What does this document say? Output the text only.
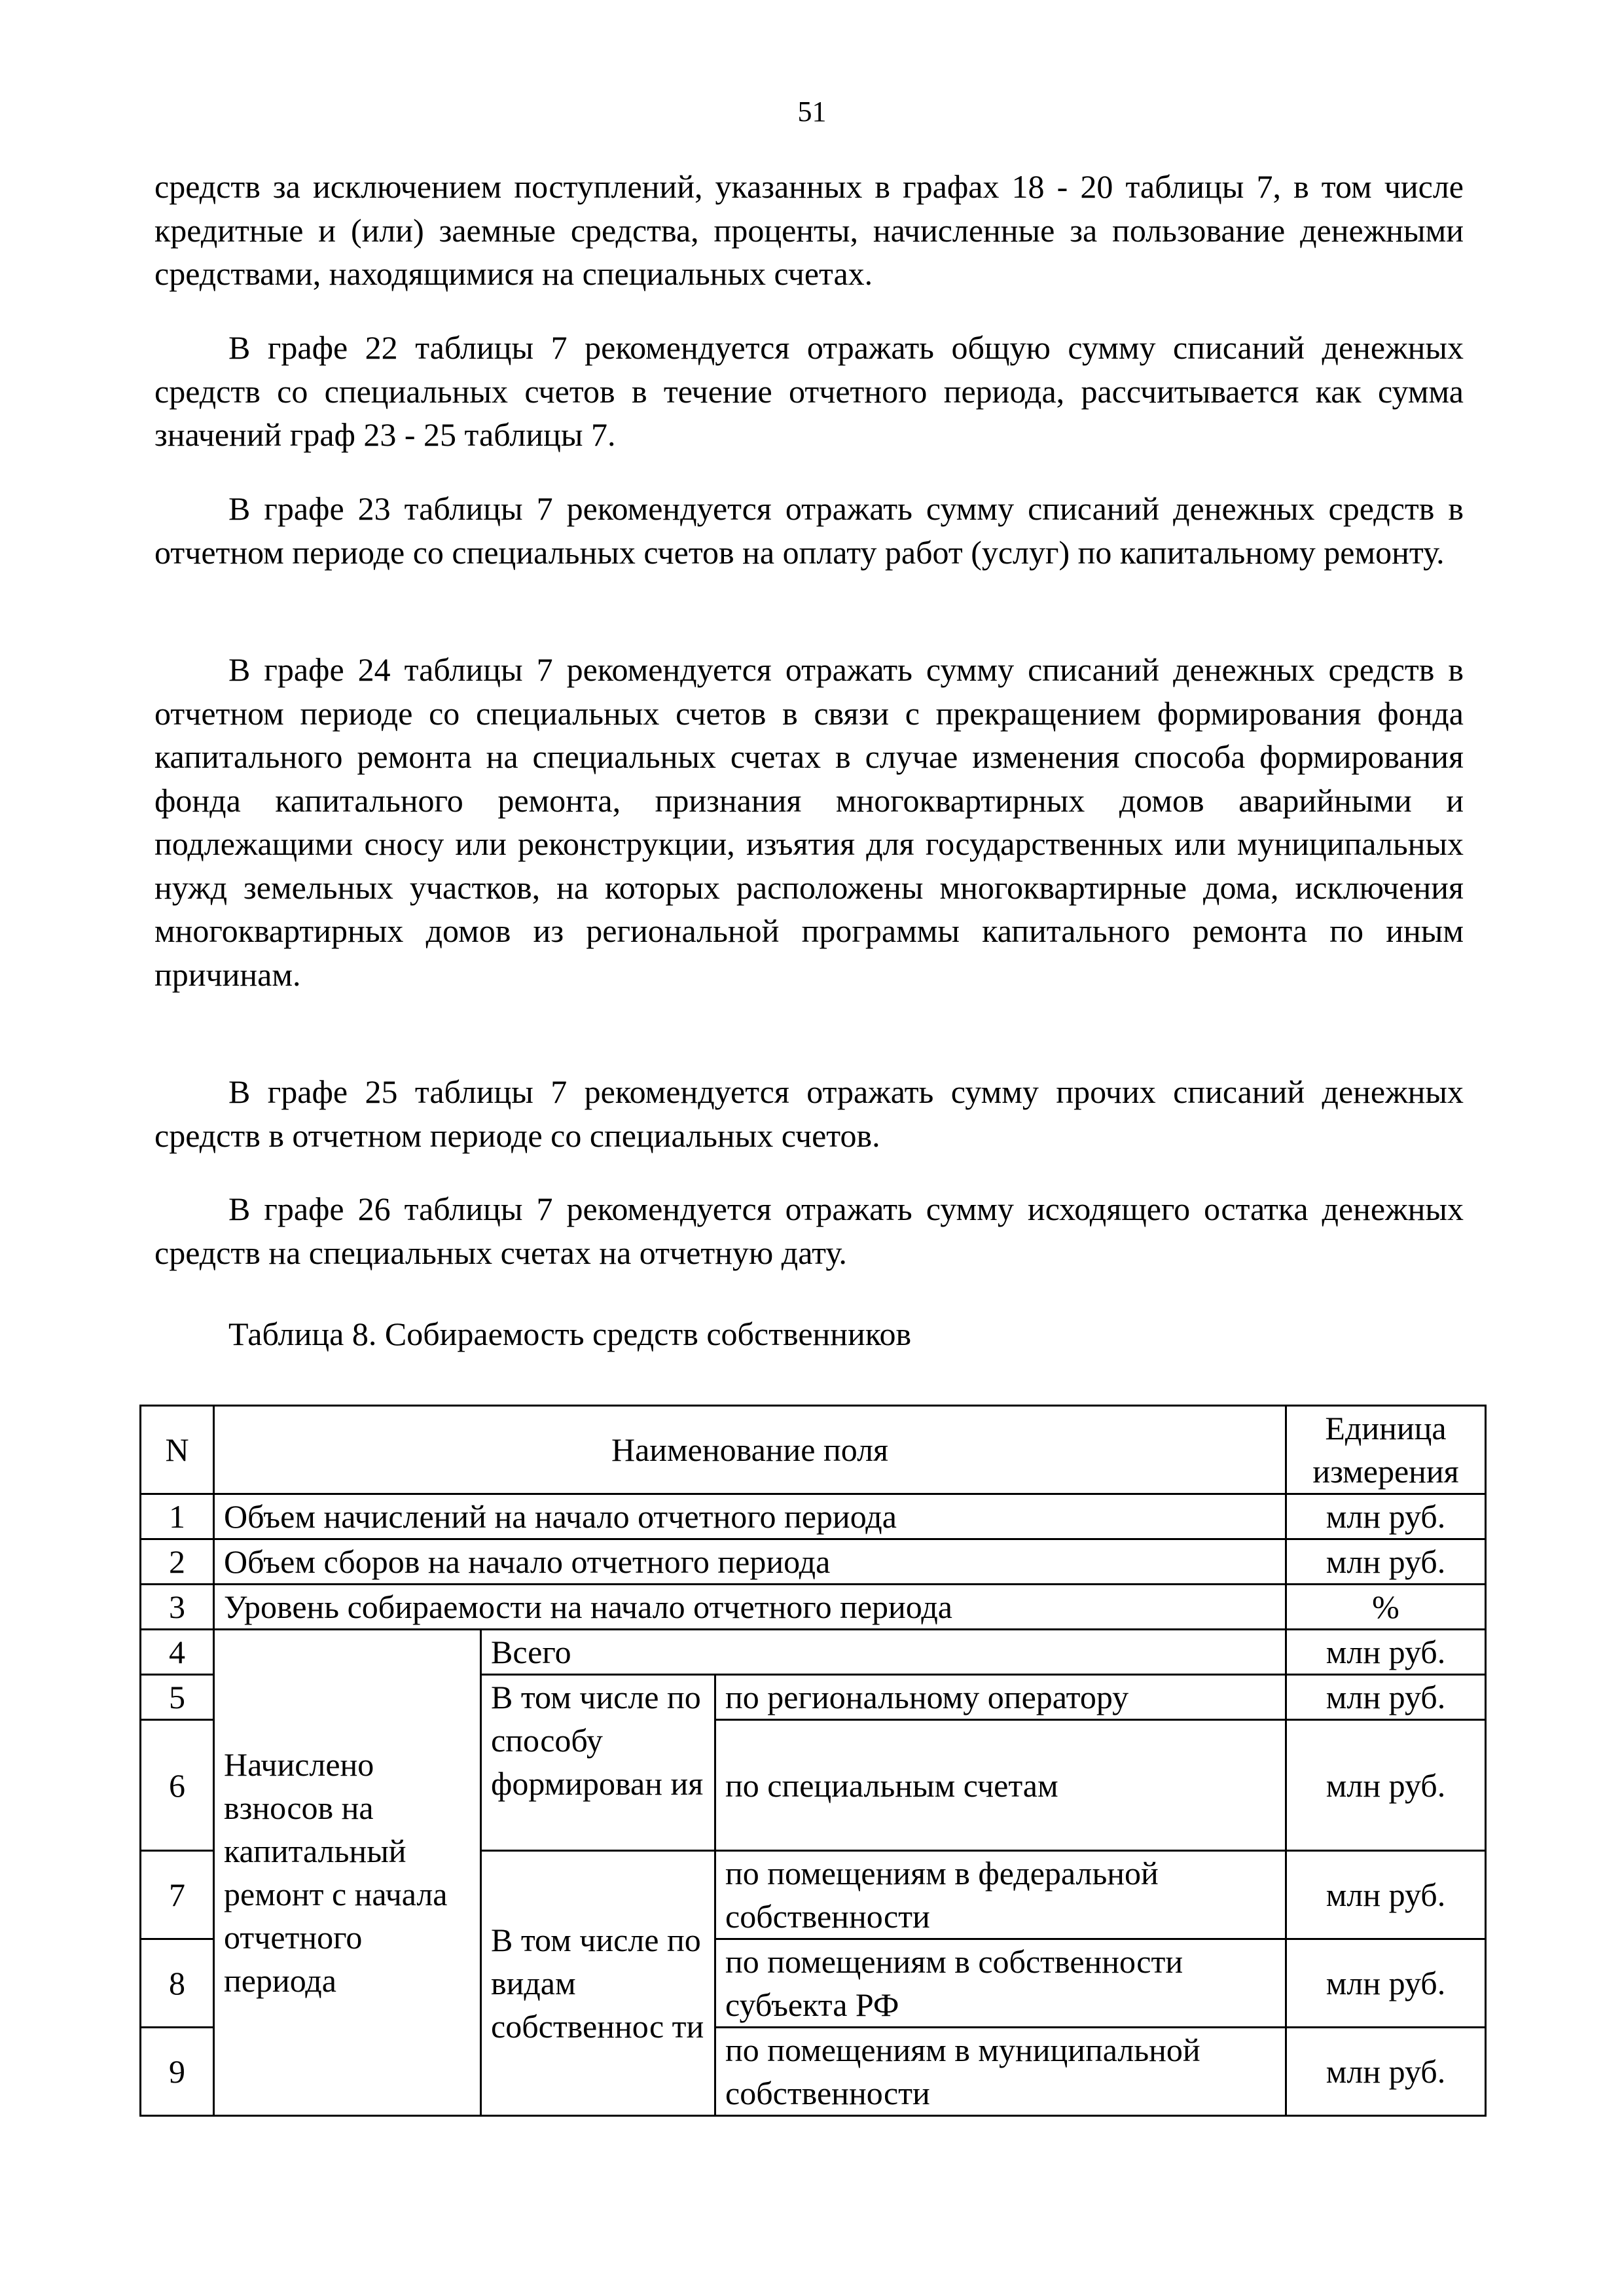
51

средств за исключением поступлений, указанных в графах 18 - 20 таблицы 7, в том числе кредитные и (или) заемные средства, проценты, начисленные за пользование денежными средствами, находящимися на специальных счетах.

В графе 22 таблицы 7 рекомендуется отражать общую сумму списаний денежных средств со специальных счетов в течение отчетного периода, рассчитывается как сумма значений граф 23 - 25 таблицы 7.

В графе 23 таблицы 7 рекомендуется отражать сумму списаний денежных средств в отчетном периоде со специальных счетов на оплату работ (услуг) по капитальному ремонту.

В графе 24 таблицы 7 рекомендуется отражать сумму списаний денежных средств в отчетном периоде со специальных счетов в связи с прекращением формирования фонда капитального ремонта на специальных счетах в случае изменения способа формирования фонда капитального ремонта, признания многоквартирных домов аварийными и подлежащими сносу или реконструкции, изъятия для государственных или муниципальных нужд земельных участков, на которых расположены многоквартирные дома, исключения многоквартирных домов из региональной программы капитального ремонта по иным причинам.

В графе 25 таблицы 7 рекомендуется отражать сумму прочих списаний денежных средств в отчетном периоде со специальных счетов.

В графе 26 таблицы 7 рекомендуется отражать сумму исходящего остатка денежных средств на специальных счетах на отчетную дату.

Таблица 8. Собираемость средств собственников
N	Наименование поля			Единица измерения
1	Объем начислений на начало отчетного периода			млн руб.
2	Объем сборов на начало отчетного периода			млн руб.
3	Уровень собираемости на начало отчетного периода			%
4	Начислено взносов на капитальный ремонт с начала отчетного периода	Всего		млн руб.
5		В том числе по способу формирован ия	по региональному оператору	млн руб.
6			по специальным счетам	млн руб.
7		В том числе по видам собственнос ти	по помещениям в федеральной собственности	млн руб.
8			по помещениям в собственности субъекта РФ	млн руб.
9			по помещениям в муниципальной собственности	млн руб.
